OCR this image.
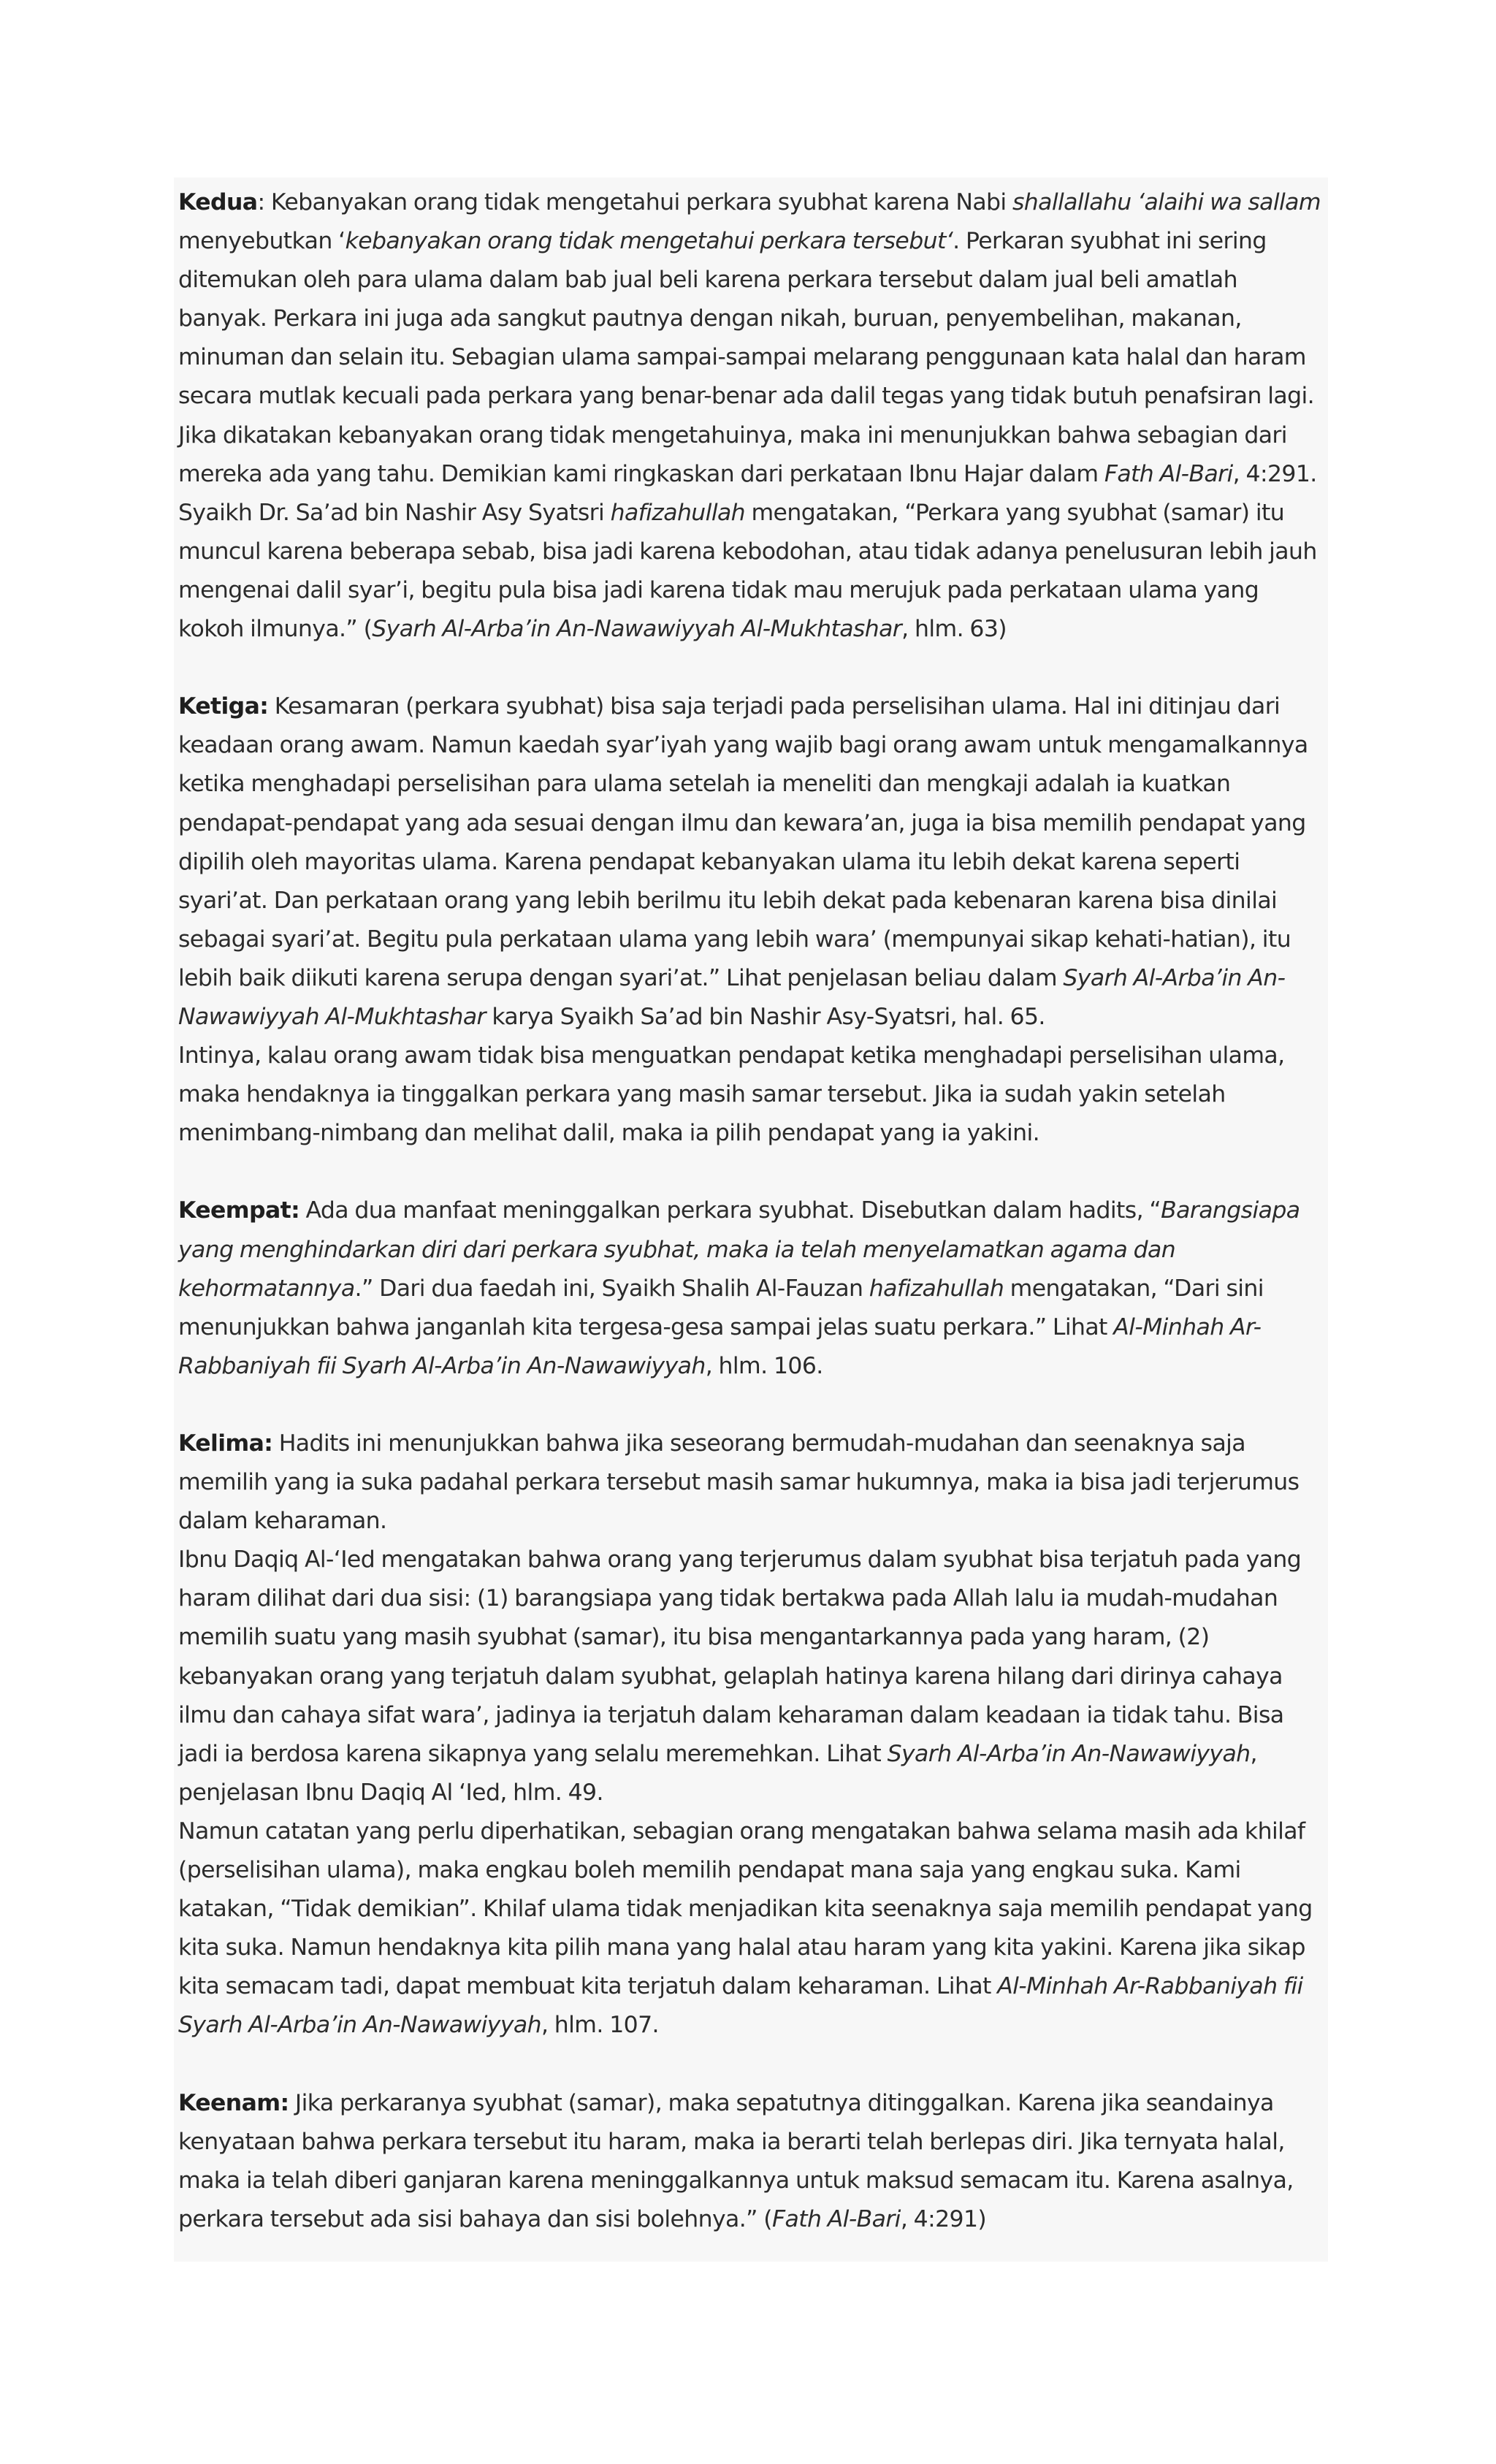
Kedua: Kebanyakan orang tidak mengetahui perkara syubhat karena Nabi shallallahu ‘alaihi wa sallam menyebutkan ‘kebanyakan orang tidak mengetahui perkara tersebut‘. Perkaran syubhat ini sering ditemukan oleh para ulama dalam bab jual beli karena perkara tersebut dalam jual beli amatlah banyak. Perkara ini juga ada sangkut pautnya dengan nikah, buruan, penyembelihan, makanan, minuman dan selain itu. Sebagian ulama sampai-sampai melarang penggunaan kata halal dan haram secara mutlak kecuali pada perkara yang benar-benar ada dalil tegas yang tidak butuh penafsiran lagi. Jika dikatakan kebanyakan orang tidak mengetahuinya, maka ini menunjukkan bahwa sebagian dari mereka ada yang tahu. Demikian kami ringkaskan dari perkataan Ibnu Hajar dalam Fath Al-Bari, 4:291.

Syaikh Dr. Sa’ad bin Nashir Asy Syatsri hafizahullah mengatakan, “Perkara yang syubhat (samar) itu muncul karena beberapa sebab, bisa jadi karena kebodohan, atau tidak adanya penelusuran lebih jauh mengenai dalil syar’i, begitu pula bisa jadi karena tidak mau merujuk pada perkataan ulama yang kokoh ilmunya.” (Syarh Al-Arba’in An-Nawawiyyah Al-Mukhtashar, hlm. 63)

Ketiga: Kesamaran (perkara syubhat) bisa saja terjadi pada perselisihan ulama. Hal ini ditinjau dari keadaan orang awam. Namun kaedah syar’iyah yang wajib bagi orang awam untuk mengamalkannya ketika menghadapi perselisihan para ulama setelah ia meneliti dan mengkaji adalah ia kuatkan pendapat-pendapat yang ada sesuai dengan ilmu dan kewara’an, juga ia bisa memilih pendapat yang dipilih oleh mayoritas ulama. Karena pendapat kebanyakan ulama itu lebih dekat karena seperti syari’at. Dan perkataan orang yang lebih berilmu itu lebih dekat pada kebenaran karena bisa dinilai sebagai syari’at. Begitu pula perkataan ulama yang lebih wara’ (mempunyai sikap kehati-hatian), itu lebih baik diikuti karena serupa dengan syari’at.” Lihat penjelasan beliau dalam Syarh Al-Arba’in An-Nawawiyyah Al-Mukhtashar karya Syaikh Sa’ad bin Nashir Asy-Syatsri, hal. 65.

Intinya, kalau orang awam tidak bisa menguatkan pendapat ketika menghadapi perselisihan ulama, maka hendaknya ia tinggalkan perkara yang masih samar tersebut. Jika ia sudah yakin setelah menimbang-nimbang dan melihat dalil, maka ia pilih pendapat yang ia yakini.

Keempat: Ada dua manfaat meninggalkan perkara syubhat. Disebutkan dalam hadits, “Barangsiapa yang menghindarkan diri dari perkara syubhat, maka ia telah menyelamatkan agama dan kehormatannya.” Dari dua faedah ini, Syaikh Shalih Al-Fauzan hafizahullah mengatakan, “Dari sini menunjukkan bahwa janganlah kita tergesa-gesa sampai jelas suatu perkara.” Lihat Al-Minhah Ar-Rabbaniyah fii Syarh Al-Arba’in An-Nawawiyyah, hlm. 106.

Kelima: Hadits ini menunjukkan bahwa jika seseorang bermudah-mudahan dan seenaknya saja memilih yang ia suka padahal perkara tersebut masih samar hukumnya, maka ia bisa jadi terjerumus dalam keharaman.

Ibnu Daqiq Al-‘Ied mengatakan bahwa orang yang terjerumus dalam syubhat bisa terjatuh pada yang haram dilihat dari dua sisi: (1) barangsiapa yang tidak bertakwa pada Allah lalu ia mudah-mudahan memilih suatu yang masih syubhat (samar), itu bisa mengantarkannya pada yang haram, (2) kebanyakan orang yang terjatuh dalam syubhat, gelaplah hatinya karena hilang dari dirinya cahaya ilmu dan cahaya sifat wara’, jadinya ia terjatuh dalam keharaman dalam keadaan ia tidak tahu. Bisa jadi ia berdosa karena sikapnya yang selalu meremehkan. Lihat Syarh Al-Arba’in An-Nawawiyyah, penjelasan Ibnu Daqiq Al ‘Ied, hlm. 49.

Namun catatan yang perlu diperhatikan, sebagian orang mengatakan bahwa selama masih ada khilaf (perselisihan ulama), maka engkau boleh memilih pendapat mana saja yang engkau suka. Kami katakan, “Tidak demikian”. Khilaf ulama tidak menjadikan kita seenaknya saja memilih pendapat yang kita suka. Namun hendaknya kita pilih mana yang halal atau haram yang kita yakini. Karena jika sikap kita semacam tadi, dapat membuat kita terjatuh dalam keharaman. Lihat Al-Minhah Ar-Rabbaniyah fii Syarh Al-Arba’in An-Nawawiyyah, hlm. 107.

Keenam: Jika perkaranya syubhat (samar), maka sepatutnya ditinggalkan. Karena jika seandainya kenyataan bahwa perkara tersebut itu haram, maka ia berarti telah berlepas diri. Jika ternyata halal, maka ia telah diberi ganjaran karena meninggalkannya untuk maksud semacam itu. Karena asalnya, perkara tersebut ada sisi bahaya dan sisi bolehnya.” (Fath Al-Bari, 4:291)
